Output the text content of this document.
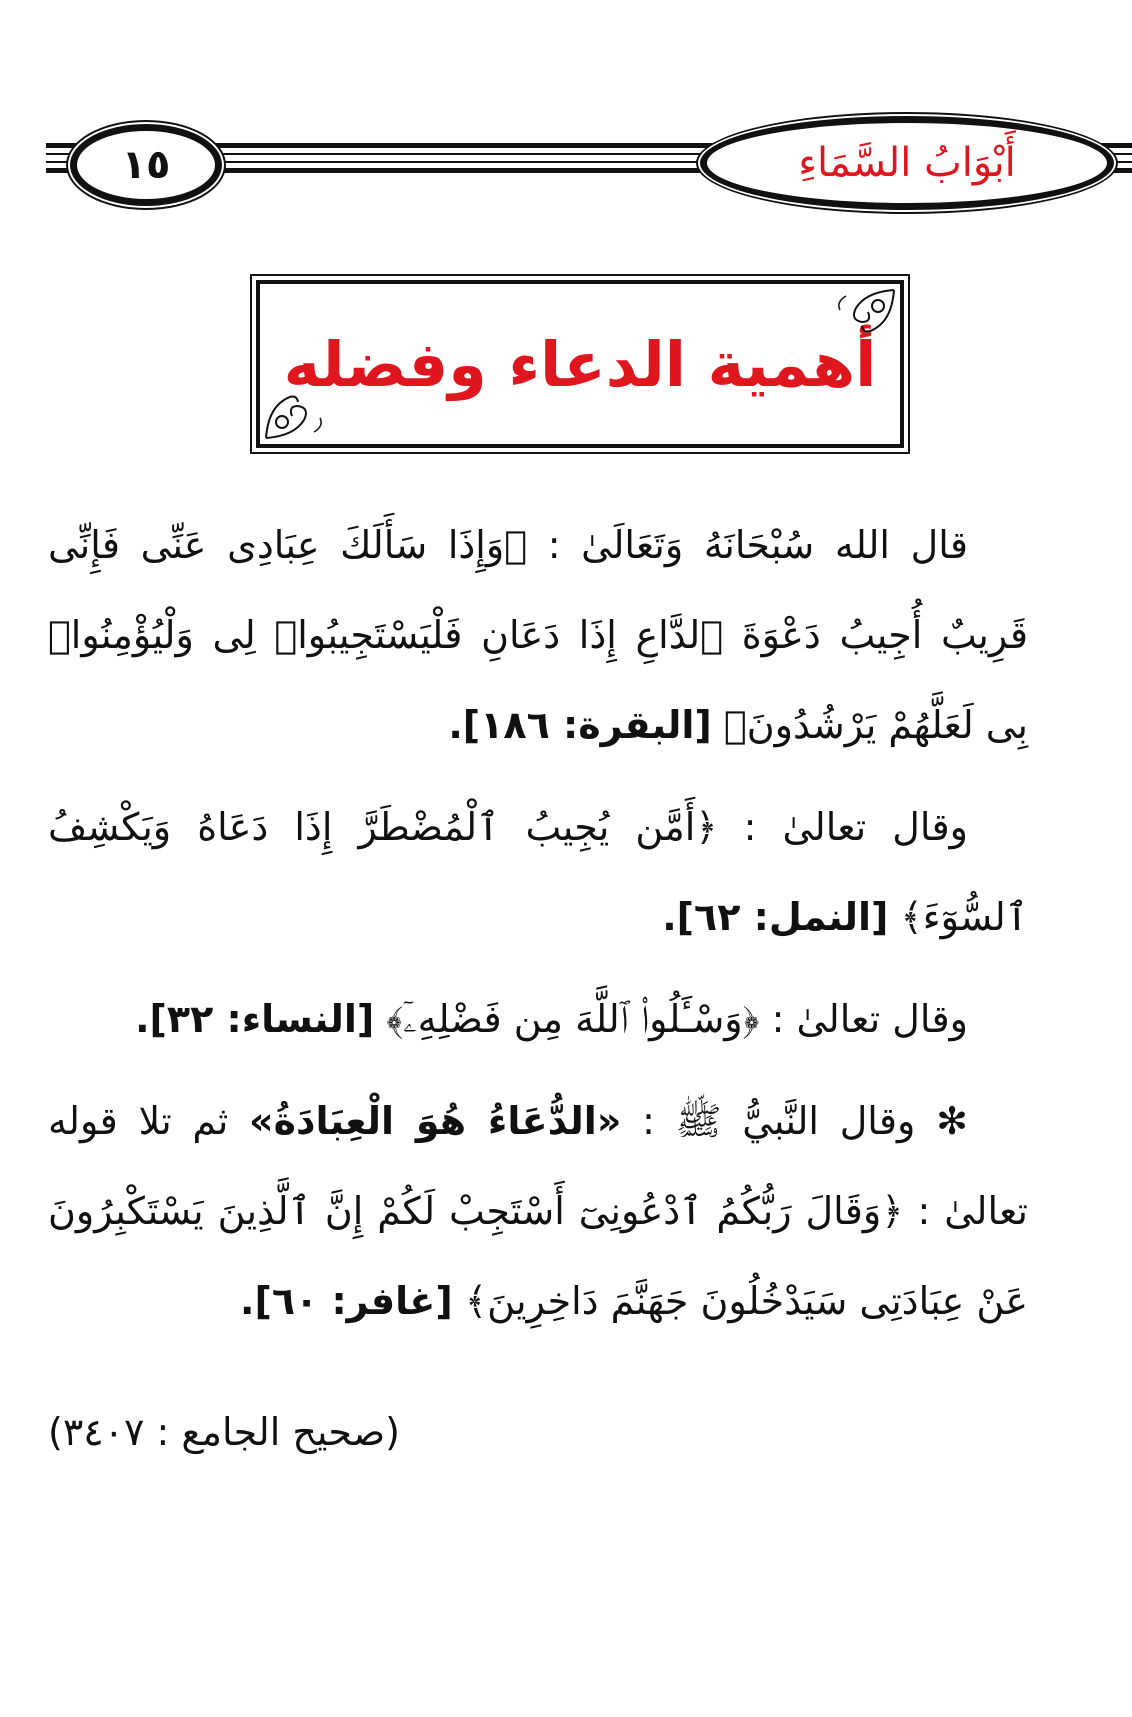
١٥	أَبْوَابُ السَّمَاءِ
أهمية الدعاء وفضله

قال الله سُبْحَانَهُ وَتَعَالَىٰ : ﴿وَإِذَا سَأَلَكَ عِبَادِى عَنِّى فَإِنِّى قَرِيبٌ أُجِيبُ دَعْوَةَ ٱلدَّاعِ إِذَا دَعَانِ فَلْيَسْتَجِيبُوا۟ لِى وَلْيُؤْمِنُوا۟ بِى لَعَلَّهُمْ يَرْشُدُونَ﴾ [البقرة: ١٨٦].

وقال تعالىٰ : ﴿أَمَّن يُجِيبُ ٱلْمُضْطَرَّ إِذَا دَعَاهُ وَيَكْشِفُ ٱلسُّوٓءَ﴾ [النمل: ٦٢].

وقال تعالىٰ : ﴿وَسْـَٔلُوا۟ ٱللَّهَ مِن فَضْلِهِۦٓ﴾ [النساء: ٣٢].

✻ وقال النَّبيُّ ﷺ : «الدُّعَاءُ هُوَ الْعِبَادَةُ» ثم تلا قوله تعالىٰ : ﴿وَقَالَ رَبُّكُمُ ٱدْعُونِىٓ أَسْتَجِبْ لَكُمْ إِنَّ ٱلَّذِينَ يَسْتَكْبِرُونَ عَنْ عِبَادَتِى سَيَدْخُلُونَ جَهَنَّمَ دَاخِرِينَ﴾ [غافر: ٦٠].

(صحيح الجامع : ٣٤٠٧)
